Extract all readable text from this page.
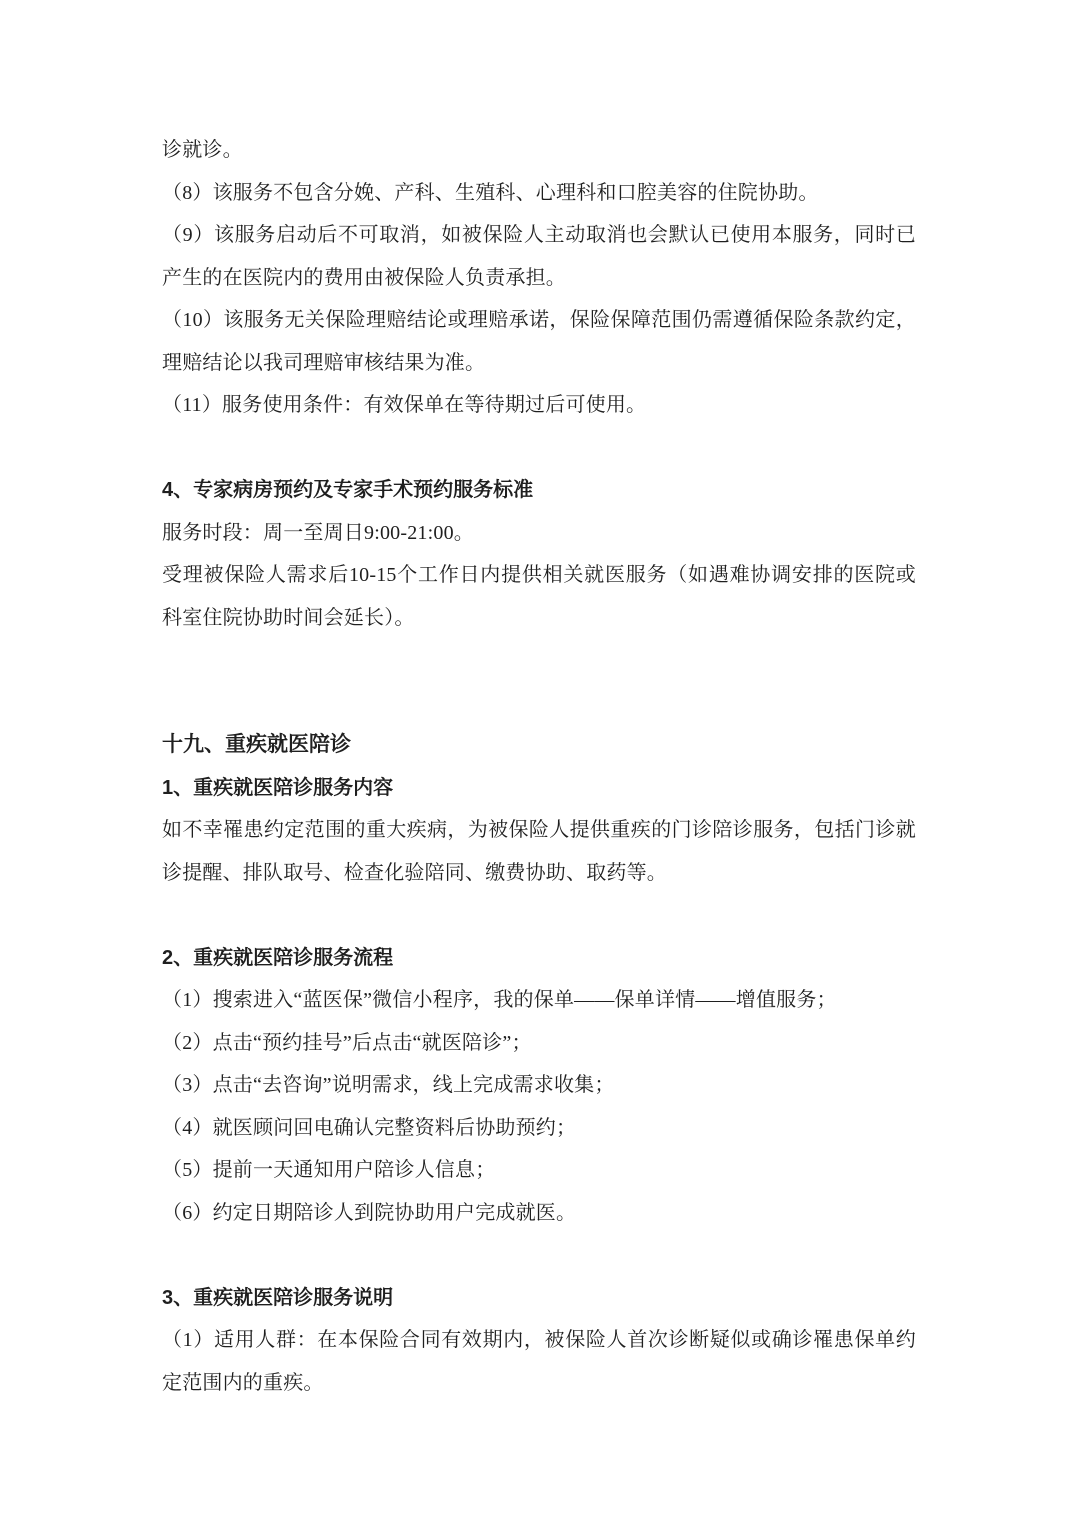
诊就诊。
（8）该服务不包含分娩、产科、生殖科、心理科和口腔美容的住院协助。
（9）该服务启动后不可取消，如被保险人主动取消也会默认已使用本服务，同时已产生的在医院内的费用由被保险人负责承担。
（10）该服务无关保险理赔结论或理赔承诺，保险保障范围仍需遵循保险条款约定，理赔结论以我司理赔审核结果为准。
（11）服务使用条件：有效保单在等待期过后可使用。
4、专家病房预约及专家手术预约服务标准
服务时段：周一至周日9:00-21:00。
受理被保险人需求后10-15个工作日内提供相关就医服务（如遇难协调安排的医院或科室住院协助时间会延长）。
十九、重疾就医陪诊
1、重疾就医陪诊服务内容
如不幸罹患约定范围的重大疾病，为被保险人提供重疾的门诊陪诊服务，包括门诊就诊提醒、排队取号、检查化验陪同、缴费协助、取药等。
2、重疾就医陪诊服务流程
（1）搜索进入“蓝医保”微信小程序，我的保单——保单详情——增值服务；
（2）点击“预约挂号”后点击“就医陪诊”；
（3）点击“去咨询”说明需求，线上完成需求收集；
（4）就医顾问回电确认完整资料后协助预约；
（5）提前一天通知用户陪诊人信息；
（6）约定日期陪诊人到院协助用户完成就医。
3、重疾就医陪诊服务说明
（1）适用人群：在本保险合同有效期内，被保险人首次诊断疑似或确诊罹患保单约定范围内的重疾。
